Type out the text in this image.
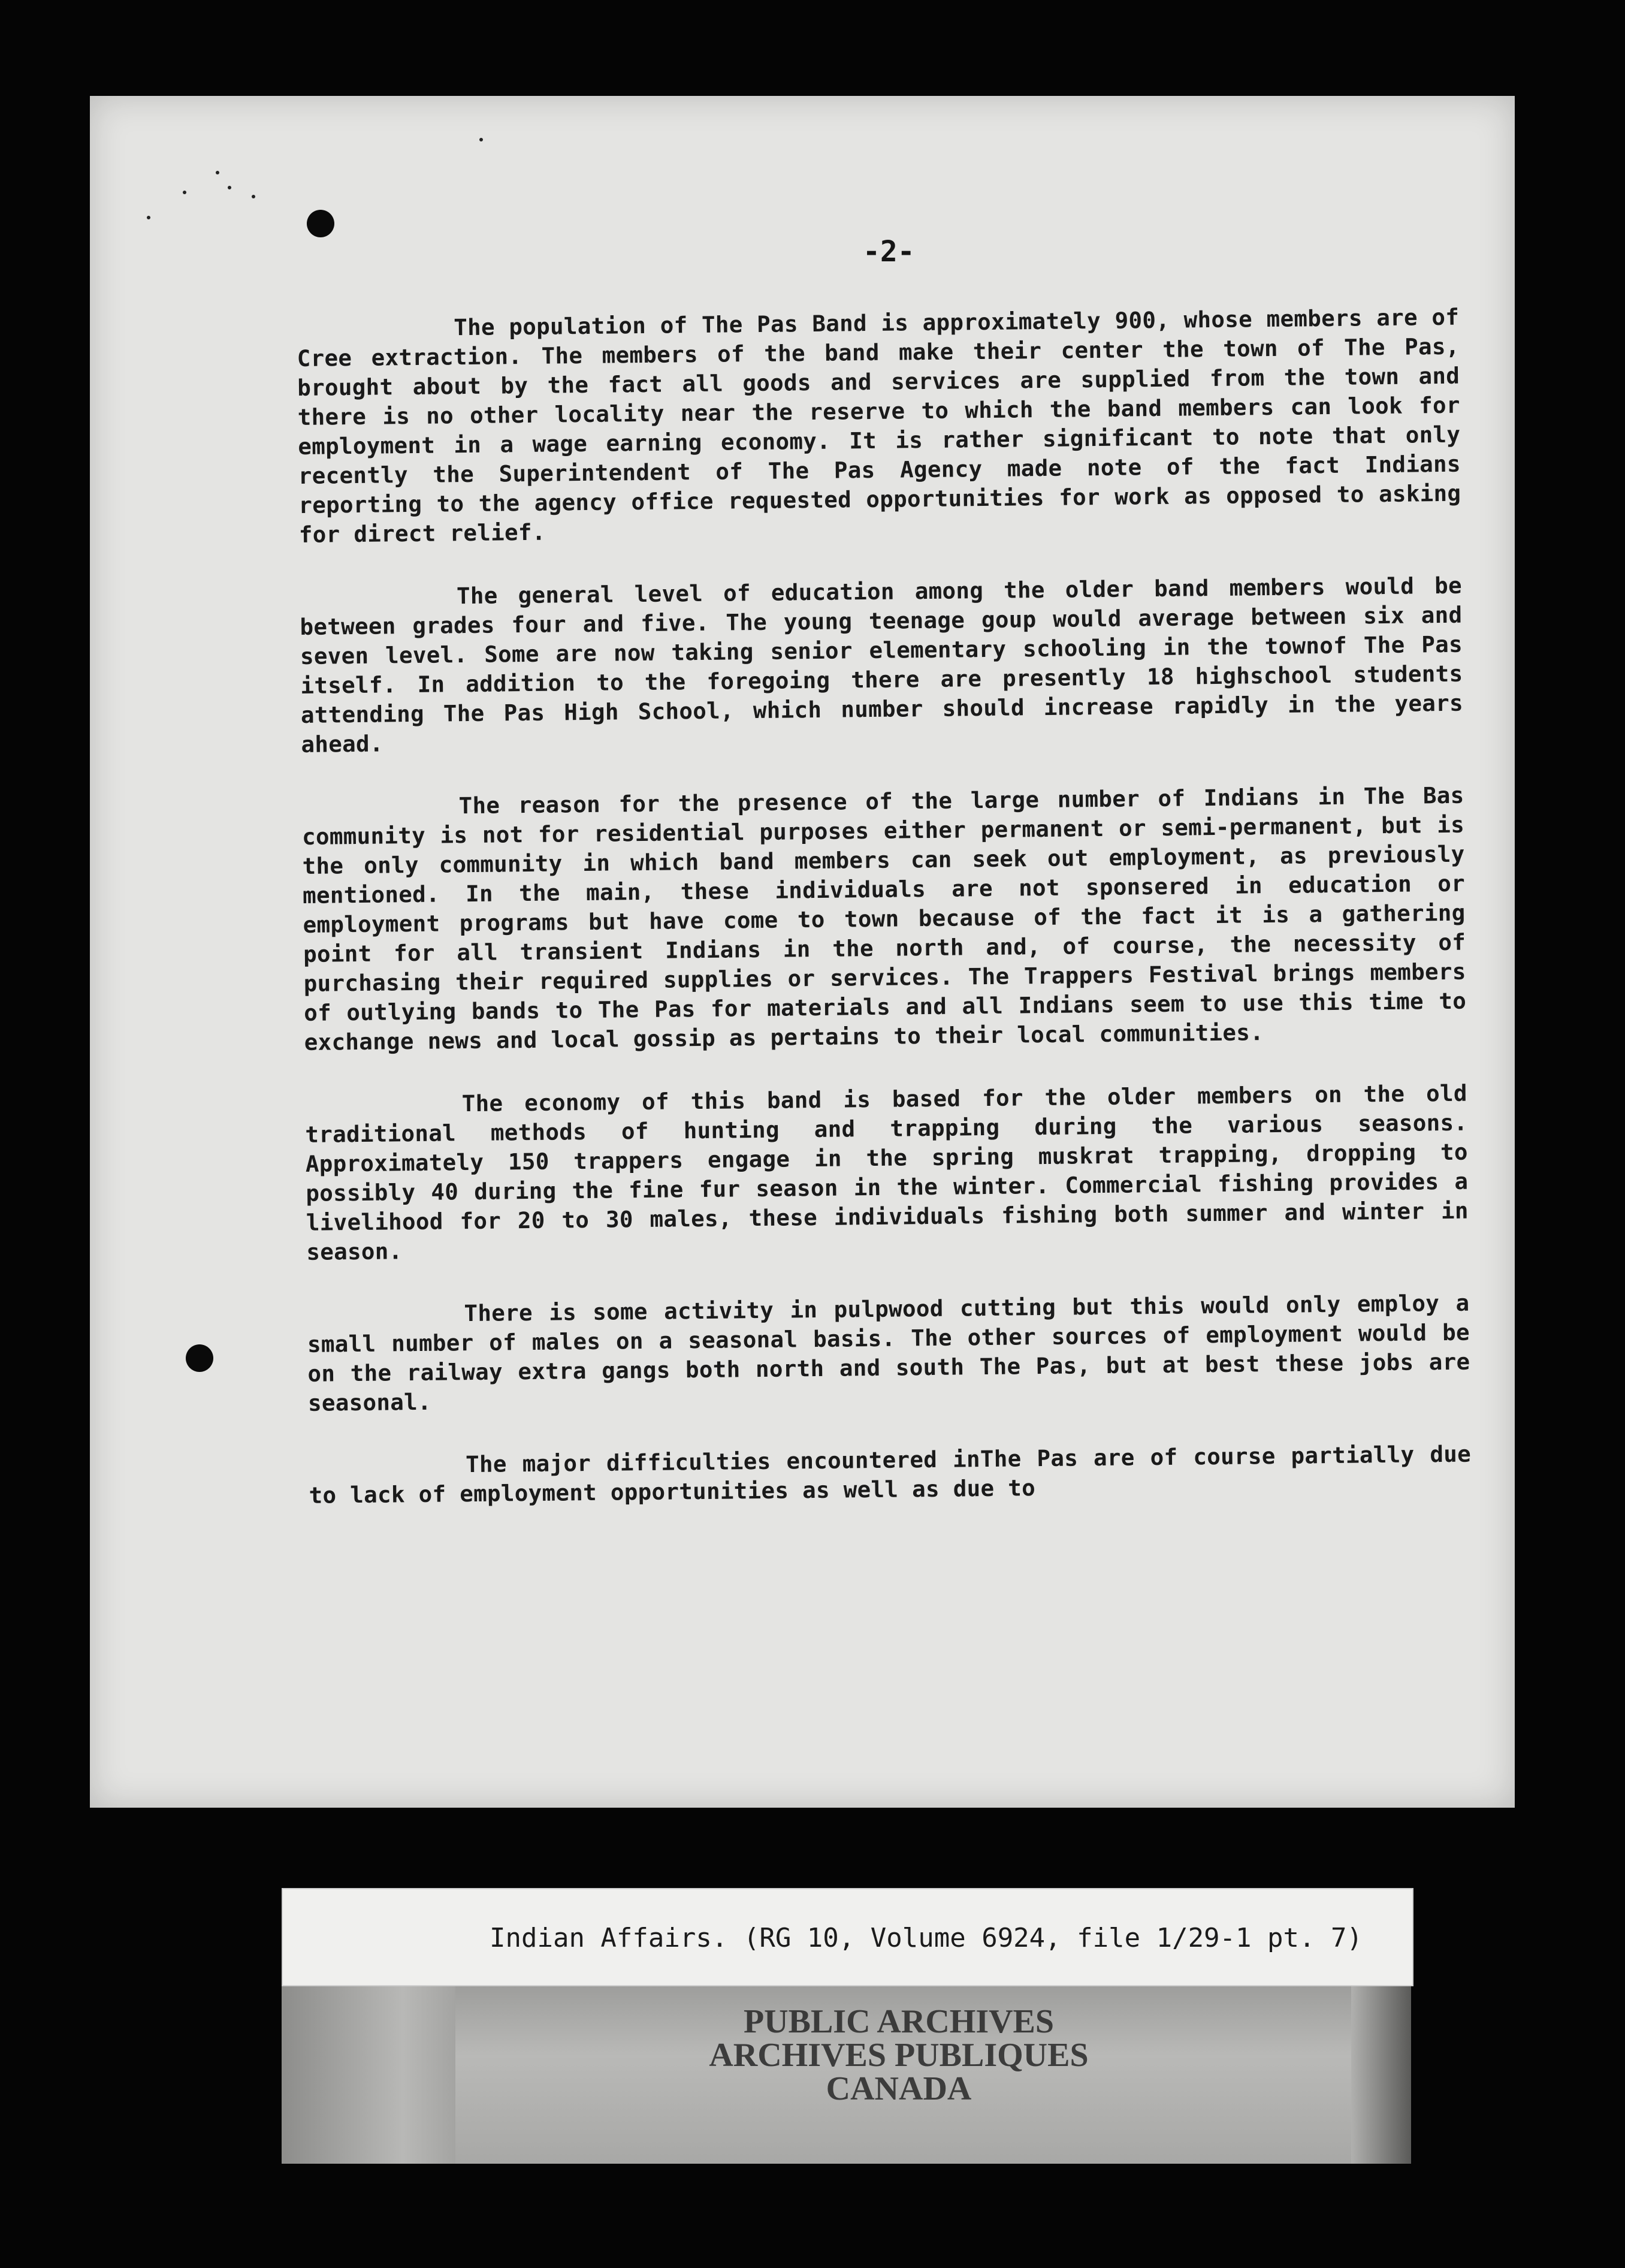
-2-

The population of The Pas Band is approximately 900, whose members are of Cree extraction. The members of the band make their center the town of The Pas, brought about by the fact all goods and services are supplied from the town and there is no other locality near the reserve to which the band members can look for employment in a wage earning economy. It is rather significant to note that only recently the Superintendent of The Pas Agency made note of the fact Indians reporting to the agency office requested opportunities for work as opposed to asking for direct relief.

The general level of education among the older band members would be between grades four and five. The young teenage goup would average between six and seven level. Some are now taking senior elementary schooling in the townof The Pas itself. In addition to the foregoing there are presently 18 highschool students attending The Pas High School, which number should increase rapidly in the years ahead.

The reason for the presence of the large number of Indians in The Bas community is not for residential purposes either permanent or semi-permanent, but is the only community in which band members can seek out employment, as previously mentioned. In the main, these individuals are not sponsered in education or employment programs but have come to town because of the fact it is a gathering point for all transient Indians in the north and, of course, the necessity of purchasing their required supplies or services. The Trappers Festival brings members of outlying bands to The Pas for materials and all Indians seem to use this time to exchange news and local gossip as pertains to their local communities.

The economy of this band is based for the older members on the old traditional methods of hunting and trapping during the various seasons. Approximately 150 trappers engage in the spring muskrat trapping, dropping to possibly 40 during the fine fur season in the winter. Commercial fishing provides a livelihood for 20 to 30 males, these individuals fishing both summer and winter in season.

There is some activity in pulpwood cutting but this would only employ a small number of males on a seasonal basis. The other sources of employment would be on the railway extra gangs both north and south The Pas, but at best these jobs are seasonal.

The major difficulties encountered inThe Pas are of course partially due to lack of employment opportunities as well as due to

Indian Affairs. (RG 10, Volume 6924, file 1/29-1 pt. 7)
PUBLIC ARCHIVES
ARCHIVES PUBLIQUES
CANADA
